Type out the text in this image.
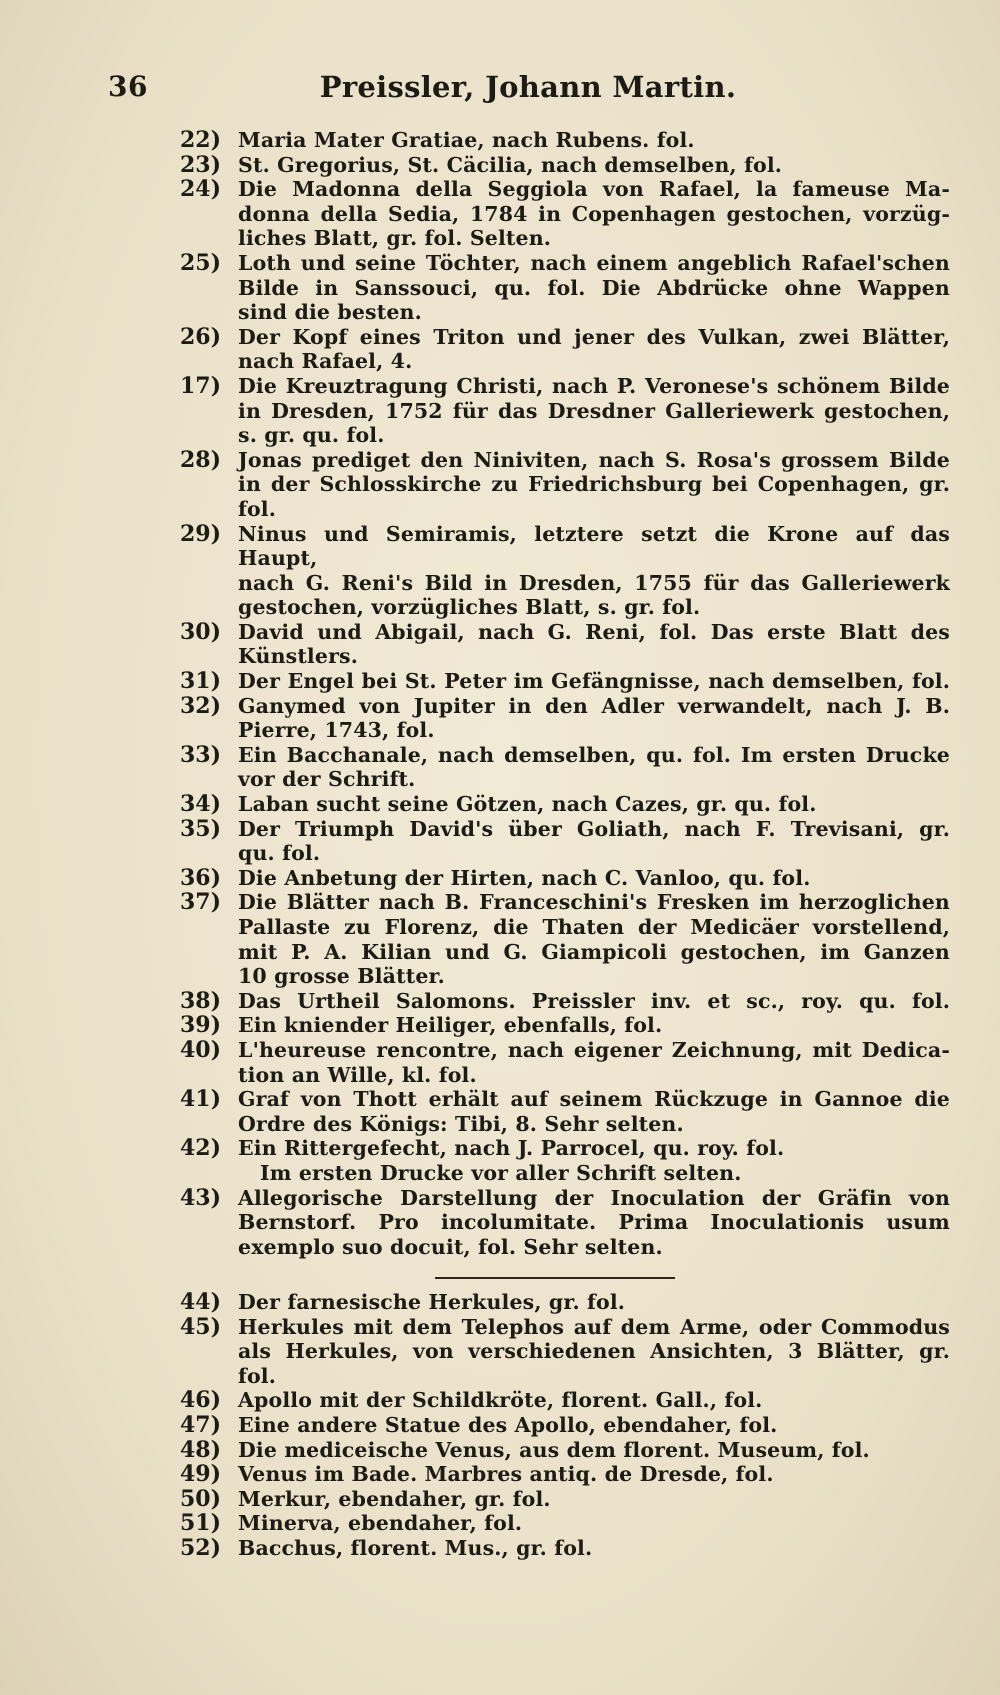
36	Preissler, Johann Martin.
22) Maria Mater Gratiae, nach Rubens. fol.
23) St. Gregorius, St. Cäcilia, nach demselben, fol.
24) Die Madonna della Seggiola von Rafael, la fameuse Ma-
donna della Sedia, 1784 in Copenhagen gestochen, vorzüg-
liches Blatt, gr. fol. Selten.
25) Loth und seine Töchter, nach einem angeblich Rafael'schen
Bilde in Sanssouci, qu. fol. Die Abdrücke ohne Wappen
sind die besten.
26) Der Kopf eines Triton und jener des Vulkan, zwei Blätter,
nach Rafael, 4.
17) Die Kreuztragung Christi, nach P. Veronese's schönem Bilde
in Dresden, 1752 für das Dresdner Gallerіewerk gestochen,
s. gr. qu. fol.
28) Jonas prediget den Niniviten, nach S. Rosa's grossem Bilde
in der Schlosskirche zu Friedrichsburg bei Copenhagen, gr.
fol.
29) Ninus und Semiramis, letztere setzt die Krone auf das Haupt,
nach G. Reni's Bild in Dresden, 1755 für das Galleriewerk
gestochen, vorzügliches Blatt, s. gr. fol.
30) David und Abigail, nach G. Reni, fol. Das erste Blatt des
Künstlers.
31) Der Engel bei St. Peter im Gefängnisse, nach demselben, fol.
32) Ganymed von Jupiter in den Adler verwandelt, nach J. B.
Pierre, 1743, fol.
33) Ein Bacchanale, nach demselben, qu. fol. Im ersten Drucke
vor der Schrift.
34) Laban sucht seine Götzen, nach Cazes, gr. qu. fol.
35) Der Triumph David's über Goliath, nach F. Trevisani, gr.
qu. fol.
36) Die Anbetung der Hirten, nach C. Vanloo, qu. fol.
37) Die Blätter nach B. Franceschini's Fresken im herzoglichen
Pallaste zu Florenz, die Thaten der Medicäer vorstellend,
mit P. A. Kilian und G. Giampicoli gestochen, im Ganzen
10 grosse Blätter.
38) Das Urtheil Salomons. Preissler inv. et sc., roy. qu. fol.
39) Ein kniender Heiliger, ebenfalls, fol.
40) L'heureuse rencontre, nach eigener Zeichnung, mit Dedica-
tion an Wille, kl. fol.
41) Graf von Thott erhält auf seinem Rückzuge in Gannoe die
Ordre des Königs: Tibi, 8. Sehr selten.
42) Ein Rittergefecht, nach J. Parrocel, qu. roy. fol.
Im ersten Drucke vor aller Schrift selten.
43) Allegorische Darstellung der Inoculation der Gräfin von
Bernstorf. Pro incolumitate. Prima Inoculationis usum
exemplo suo docuit, fol. Sehr selten.
44) Der farnesische Herkules, gr. fol.
45) Herkules mit dem Telephos auf dem Arme, oder Commodus
als Herkules, von verschiedenen Ansichten, 3 Blätter, gr.
fol.
46) Apollo mit der Schildkröte, florent. Gall., fol.
47) Eine andere Statue des Apollo, ebendaher, fol.
48) Die mediceische Venus, aus dem florent. Museum, fol.
49) Venus im Bade. Marbres antiq. de Dresde, fol.
50) Merkur, ebendaher, gr. fol.
51) Minerva, ebendaher, fol.
52) Bacchus, florent. Mus., gr. fol.
